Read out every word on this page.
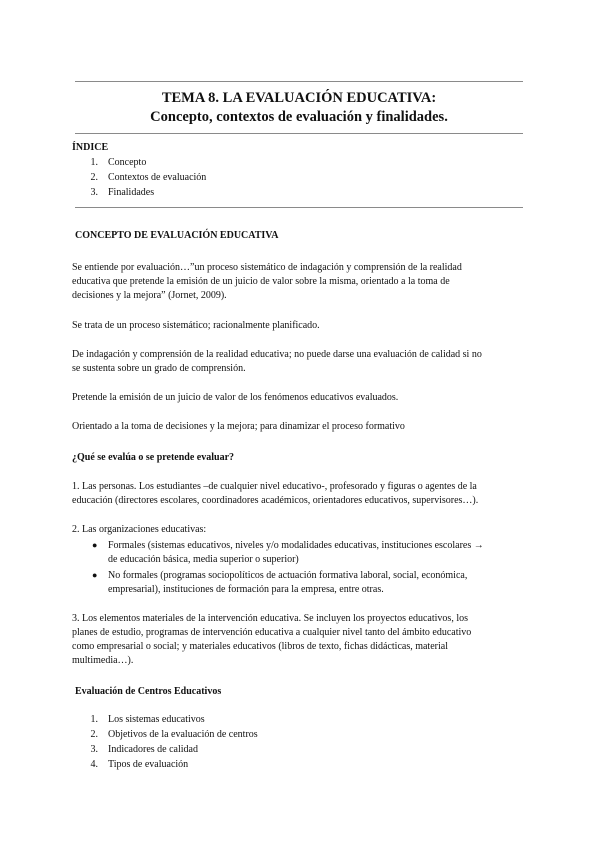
TEMA 8. LA EVALUACIÓN EDUCATIVA:
Concepto, contextos de evaluación y finalidades.
ÍNDICE
1. Concepto
2. Contextos de evaluación
3. Finalidades
CONCEPTO DE EVALUACIÓN EDUCATIVA
Se entiende por evaluación…”un proceso sistemático de indagación y comprensión de la realidad
educativa que pretende la emisión de un juicio de valor sobre la misma, orientado a la toma de
decisiones y la mejora” (Jornet, 2009).
Se trata de un proceso sistemático; racionalmente planificado.
De indagación y comprensión de la realidad educativa; no puede darse una evaluación de calidad si no
se sustenta sobre un grado de comprensión.
Pretende la emisión de un juicio de valor de los fenómenos educativos evaluados.
Orientado a la toma de decisiones y la mejora; para dinamizar el proceso formativo
¿Qué se evalúa o se pretende evaluar?
1. Las personas. Los estudiantes –de cualquier nivel educativo-, profesorado y figuras o agentes de la
educación (directores escolares, coordinadores académicos, orientadores educativos, supervisores…).
2. Las organizaciones educativas:
● Formales (sistemas educativos, niveles y/o modalidades educativas, instituciones escolares →
de educación básica, media superior o superior)
● No formales (programas sociopolíticos de actuación formativa laboral, social, económica,
empresarial), instituciones de formación para la empresa, entre otras.
3. Los elementos materiales de la intervención educativa. Se incluyen los proyectos educativos, los
planes de estudio, programas de intervención educativa a cualquier nivel tanto del ámbito educativo
como empresarial o social; y materiales educativos (libros de texto, fichas didácticas, material
multimedia…).
Evaluación de Centros Educativos
1. Los sistemas educativos
2. Objetivos de la evaluación de centros
3. Indicadores de calidad
4. Tipos de evaluación
